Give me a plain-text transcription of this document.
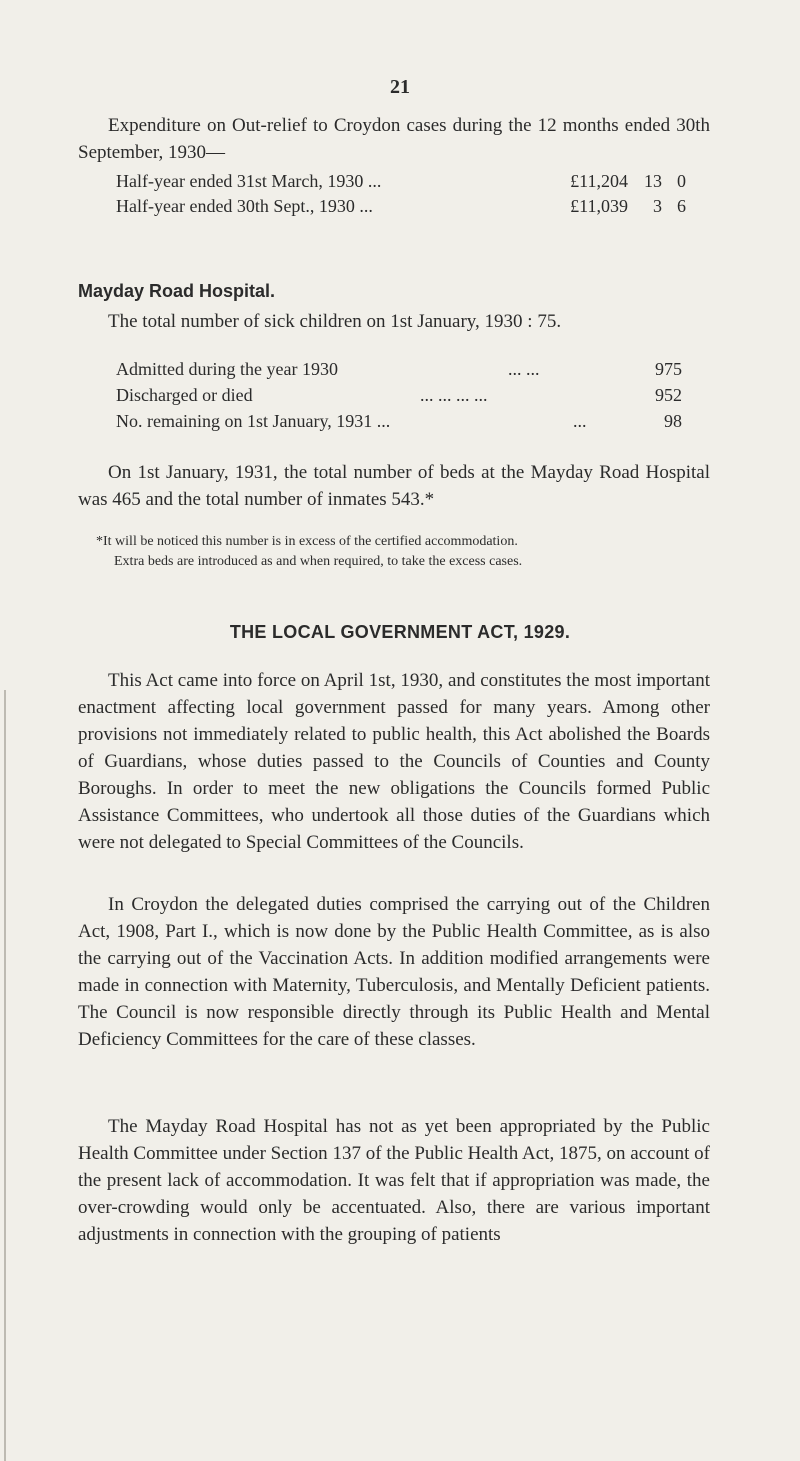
21
Expenditure on Out-relief to Croydon cases during the 12 months ended 30th September, 1930—
Half-year ended 31st March, 1930 ...	£11,204 13 0
Half-year ended 30th Sept., 1930 ...	£11,039	3 6
Mayday Road Hospital.
The total number of sick children on 1st January, 1930 : 75.
Admitted during the year 1930	... ...	975
Discharged or died	... ... ... ...	952
No. remaining on 1st January, 1931 ...	...	98
On 1st January, 1931, the total number of beds at the Mayday Road Hospital was 465 and the total number of inmates 543.*
*It will be noticed this number is in excess of the certified accommodation.
Extra beds are introduced as and when required, to take the excess cases.
THE LOCAL GOVERNMENT ACT, 1929.
This Act came into force on April 1st, 1930, and constitutes the most important enactment affecting local government passed for many years. Among other provisions not immediately related to public health, this Act abolished the Boards of Guardians, whose duties passed to the Councils of Counties and County Boroughs. In order to meet the new obligations the Councils formed Public Assistance Committees, who undertook all those duties of the Guardians which were not delegated to Special Committees of the Councils.
In Croydon the delegated duties comprised the carrying out of the Children Act, 1908, Part I., which is now done by the Public Health Committee, as is also the carrying out of the Vaccination Acts. In addition modified arrangements were made in connection with Maternity, Tuberculosis, and Mentally Deficient patients. The Council is now responsible directly through its Public Health and Mental Deficiency Committees for the care of these classes.
The Mayday Road Hospital has not as yet been appropriated by the Public Health Committee under Section 137 of the Public Health Act, 1875, on account of the present lack of accommodation. It was felt that if appropriation was made, the over-crowding would only be accentuated. Also, there are various important adjustments in connection with the grouping of patients
